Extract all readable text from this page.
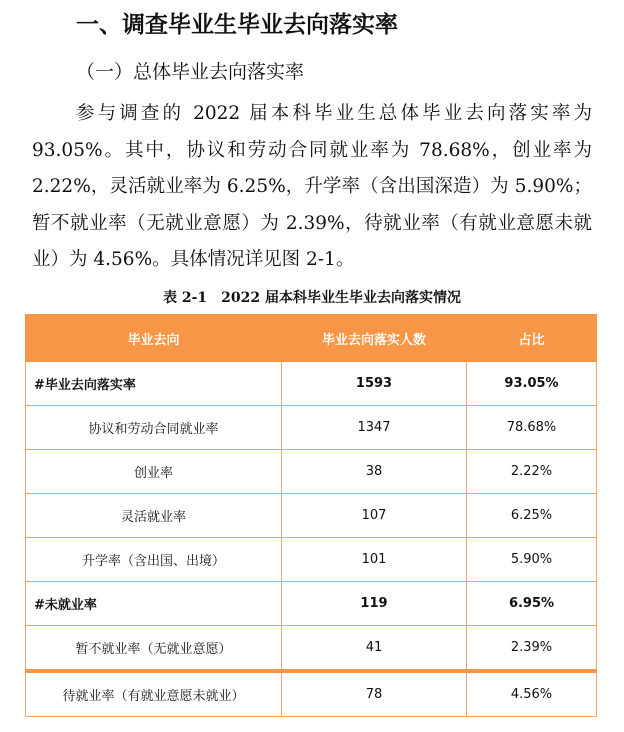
一、调查毕业生毕业去向落实率
（一）总体毕业去向落实率
参与调查的 2022 届本科毕业生总体毕业去向落实率为 93.05%。其中，协议和劳动合同就业率为 78.68%，创业率为 2.22%，灵活就业率为 6.25%，升学率（含出国深造）为 5.90%；暂不就业率（无就业意愿）为 2.39%，待就业率（有就业意愿未就业）为 4.56%。具体情况详见图 2-1。
表 2-1　2022 届本科毕业生毕业去向落实情况
毕业去向	毕业去向落实人数	占比
#毕业去向落实率	1593	93.05%
协议和劳动合同就业率	1347	78.68%
创业率	38	2.22%
灵活就业率	107	6.25%
升学率（含出国、出境）	101	5.90%
#未就业率	119	6.95%
暂不就业率（无就业意愿）	41	2.39%
待就业率（有就业意愿未就业）	78	4.56%
